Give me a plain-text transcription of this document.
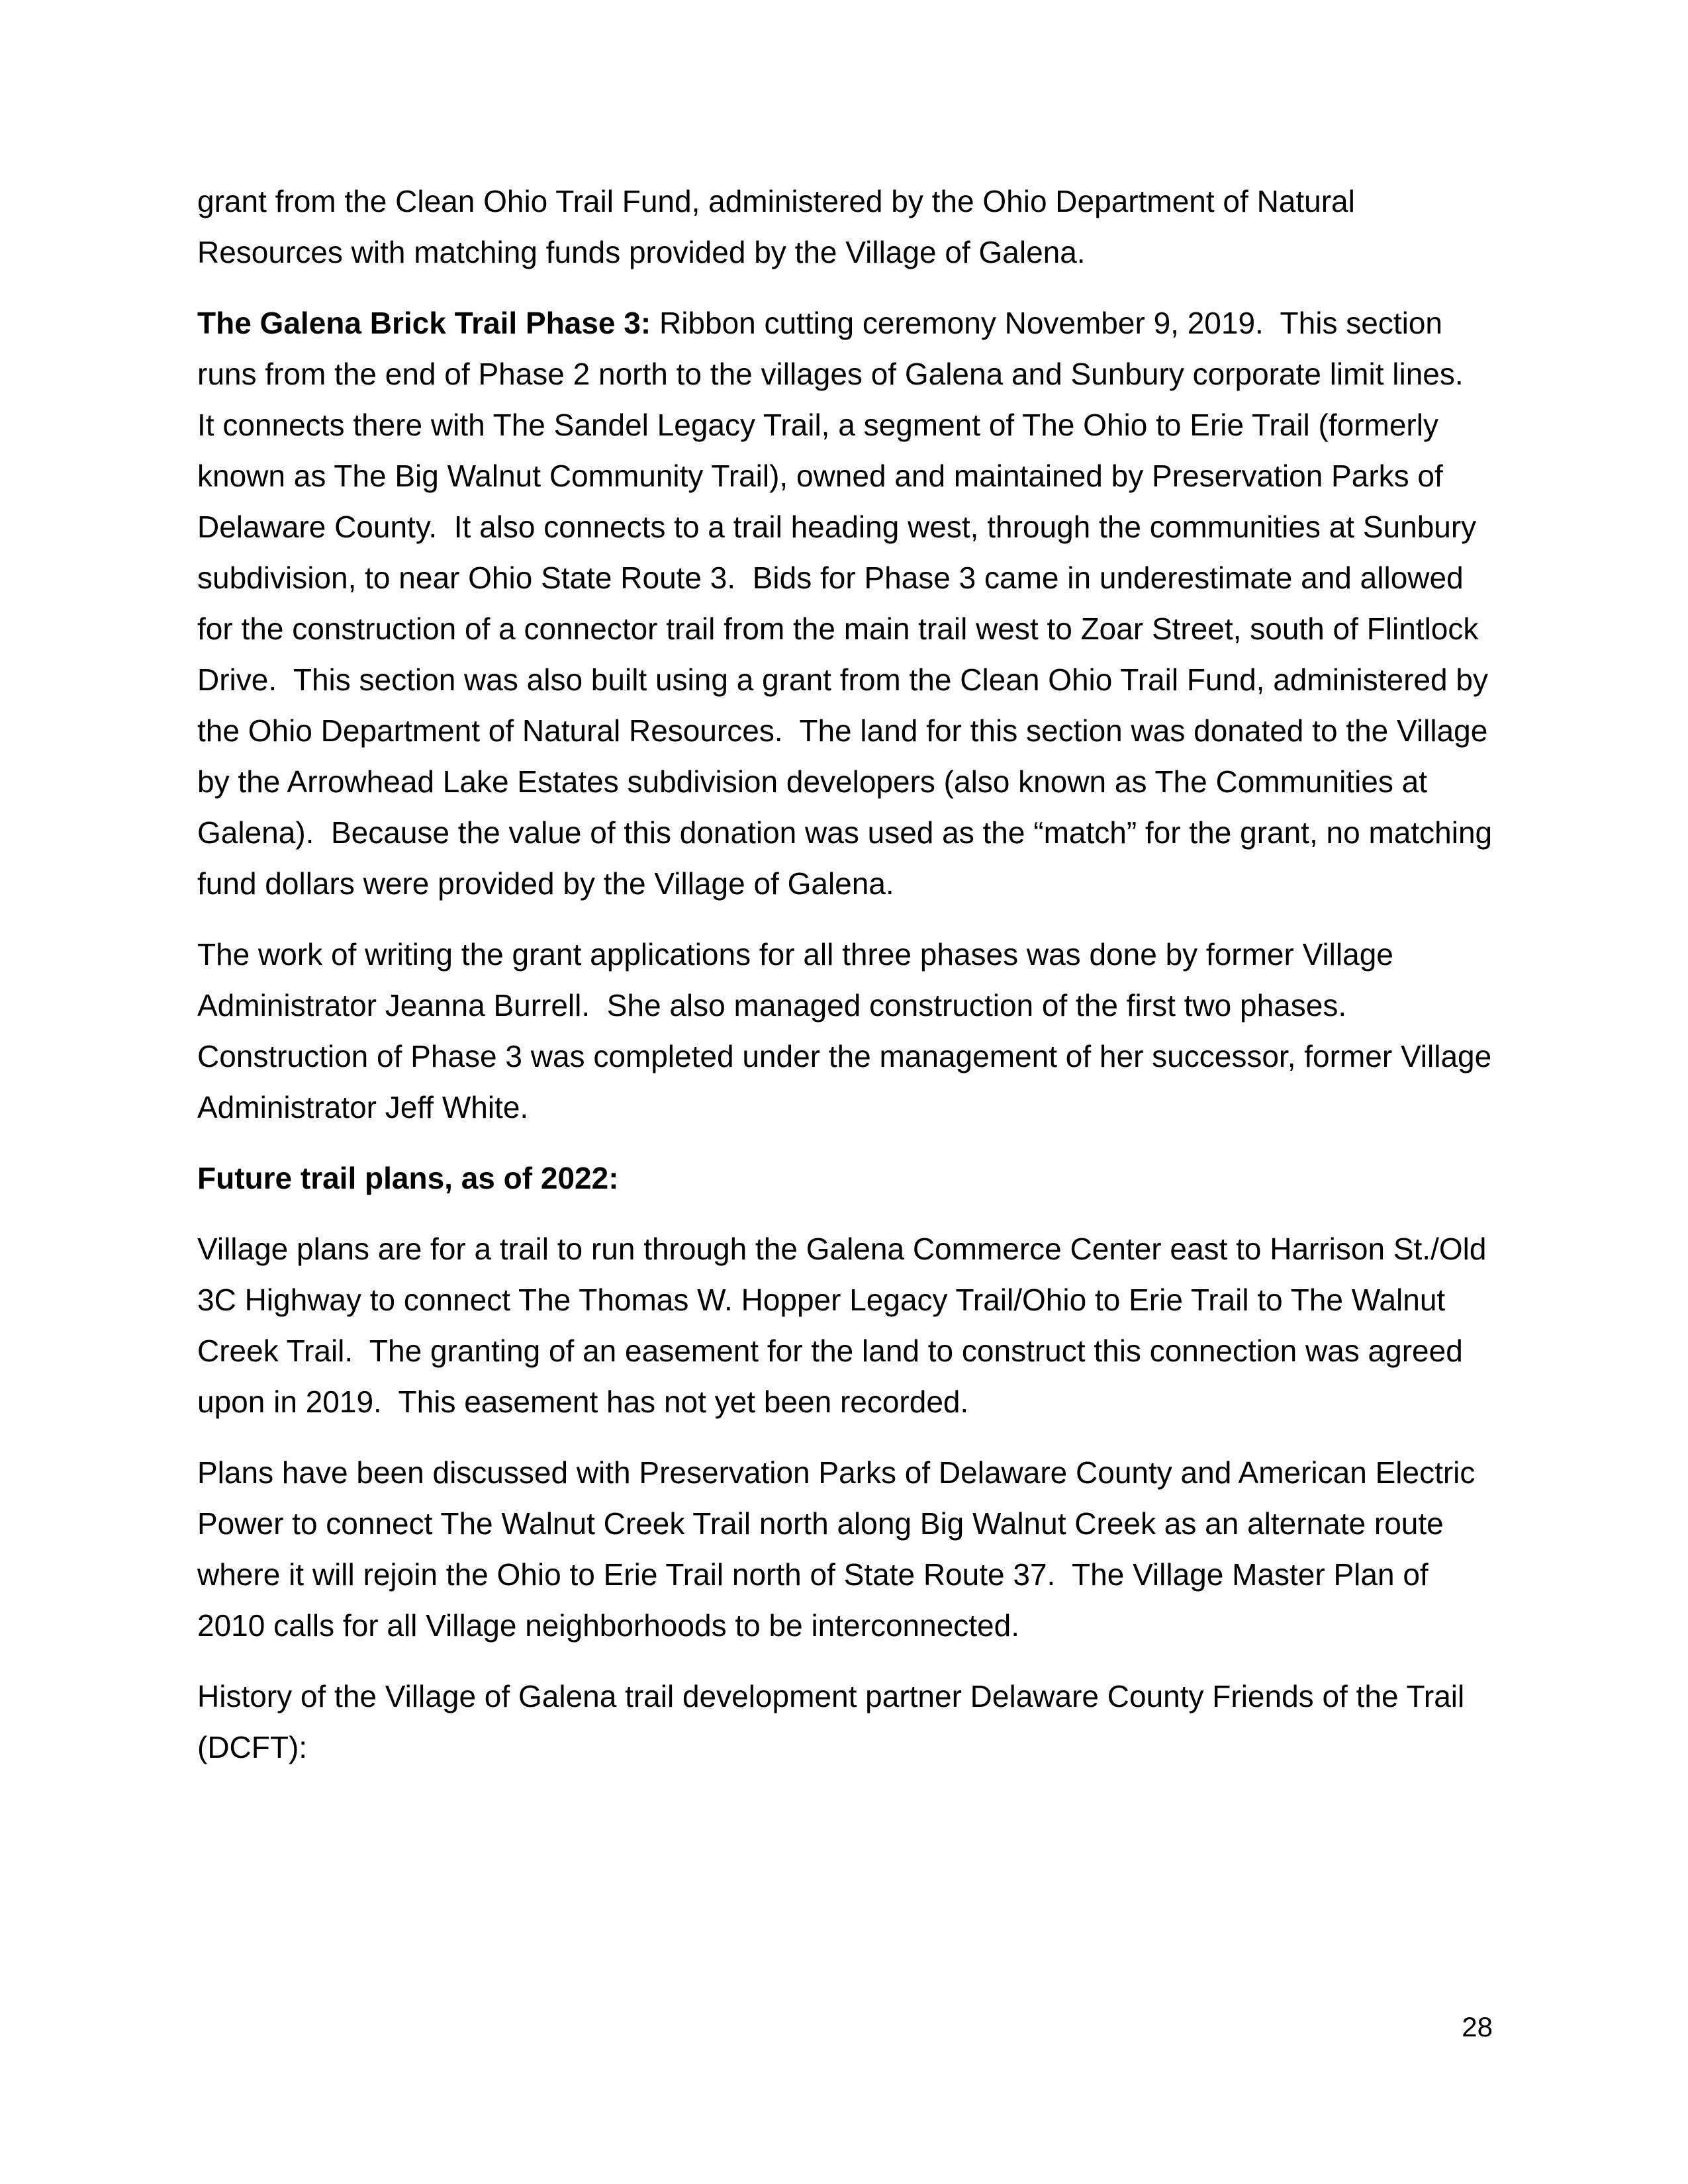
grant from the Clean Ohio Trail Fund, administered by the Ohio Department of Natural Resources with matching funds provided by the Village of Galena.

The Galena Brick Trail Phase 3: Ribbon cutting ceremony November 9, 2019.  This section runs from the end of Phase 2 north to the villages of Galena and Sunbury corporate limit lines.  It connects there with The Sandel Legacy Trail, a segment of The Ohio to Erie Trail (formerly known as The Big Walnut Community Trail), owned and maintained by Preservation Parks of Delaware County.  It also connects to a trail heading west, through the communities at Sunbury subdivision, to near Ohio State Route 3.  Bids for Phase 3 came in underestimate and allowed for the construction of a connector trail from the main trail west to Zoar Street, south of Flintlock Drive.  This section was also built using a grant from the Clean Ohio Trail Fund, administered by the Ohio Department of Natural Resources.  The land for this section was donated to the Village by the Arrowhead Lake Estates subdivision developers (also known as The Communities at Galena).  Because the value of this donation was used as the “match” for the grant, no matching fund dollars were provided by the Village of Galena.

The work of writing the grant applications for all three phases was done by former Village Administrator Jeanna Burrell.  She also managed construction of the first two phases.  Construction of Phase 3 was completed under the management of her successor, former Village Administrator Jeff White.

Future trail plans, as of 2022:

Village plans are for a trail to run through the Galena Commerce Center east to Harrison St./Old 3C Highway to connect The Thomas W. Hopper Legacy Trail/Ohio to Erie Trail to The Walnut Creek Trail.  The granting of an easement for the land to construct this connection was agreed upon in 2019.  This easement has not yet been recorded.

Plans have been discussed with Preservation Parks of Delaware County and American Electric Power to connect The Walnut Creek Trail north along Big Walnut Creek as an alternate route where it will rejoin the Ohio to Erie Trail north of State Route 37.  The Village Master Plan of 2010 calls for all Village neighborhoods to be interconnected.

History of the Village of Galena trail development partner Delaware County Friends of the Trail (DCFT):

28
